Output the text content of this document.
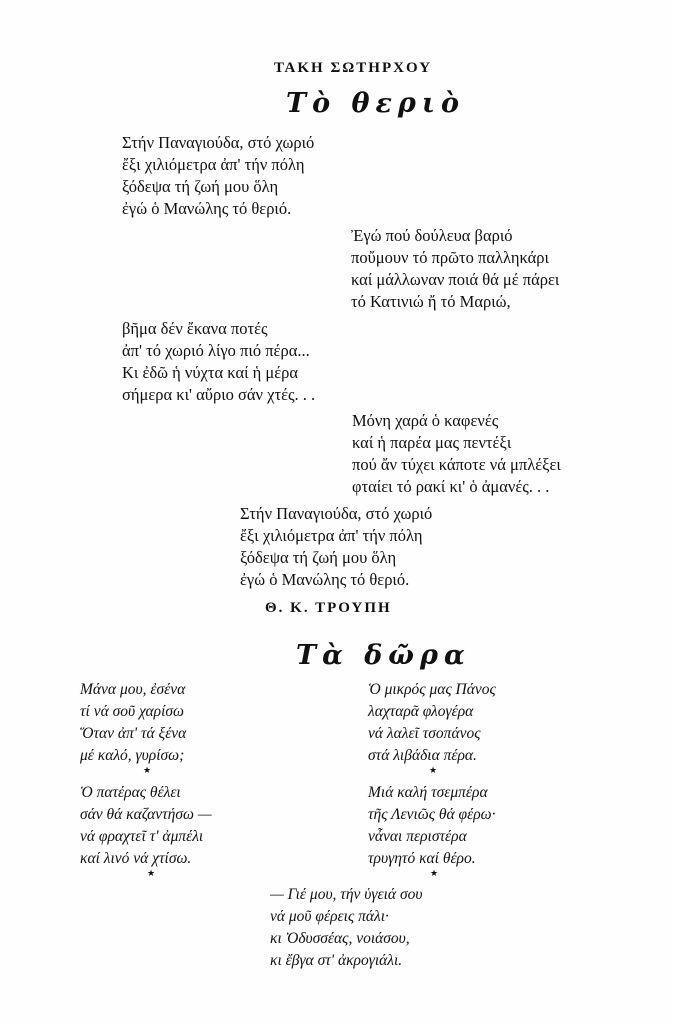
ΤΑΚΗ ΣΩΤΗΡΧΟΥ
Τὸ θεριὸ
Στήν Παναγιούδα, στό χωριό
ἔξι χιλιόμετρα ἀπ' τήν πόλη
ξόδεψα τή ζωή μου ὅλη
ἐγώ ὁ Μανώλης τό θεριό.
Ἐγώ πού δούλευα βαριό
ποὔμουν τό πρῶτο παλληκάρι
καί μάλλωναν ποιά θά μέ πάρει
τό Κατινιώ ἤ τό Μαριώ,
βῆμα δέν ἔκανα ποτές
ἀπ' τό χωριό λίγο πιό πέρα...
Κι ἐδῶ ἡ νύχτα καί ἡ μέρα
σήμερα κι' αὔριο σάν χτές. . .
Μόνη χαρά ὁ καφενές
καί ἡ παρέα μας πεντέξι
πού ἄν τύχει κάποτε νά μπλέξει
φταίει τό ρακί κι' ὁ ἀμανές. . .
Στήν Παναγιούδα, στό χωριό
ἔξι χιλιόμετρα ἀπ' τήν πόλη
ξόδεψα τή ζωή μου ὅλη
ἐγώ ὁ Μανώλης τό θεριό.
Θ. Κ. ΤΡΟΥΠΗ
Τὰ δῶρα
Μάνα μου, ἐσένα
τί νά σοῦ χαρίσω
Ὅταν ἀπ' τά ξένα
μέ καλό, γυρίσω;
★
Ὁ μικρός μας Πάνος
λαχταρᾶ φλογέρα
νά λαλεῖ τσοπάνος
στά λιβάδια πέρα.
★
Ὁ πατέρας θέλει
σάν θά καζαντήσω —
νά φραχτεῖ τ' ἀμπέλι
καί λινό νά χτίσω.
★
Μιά καλή τσεμπέρα
τῆς Λενιῶς θά φέρω·
νἆναι περιστέρα
τρυγητό καί θέρο.
★
— Γιέ μου, τήν ὑγειά σου
νά μοῦ φέρεις πάλι·
κι Ὀδυσσέας, νοιάσου,
κι ἔβγα στ' ἀκρογιάλι.
